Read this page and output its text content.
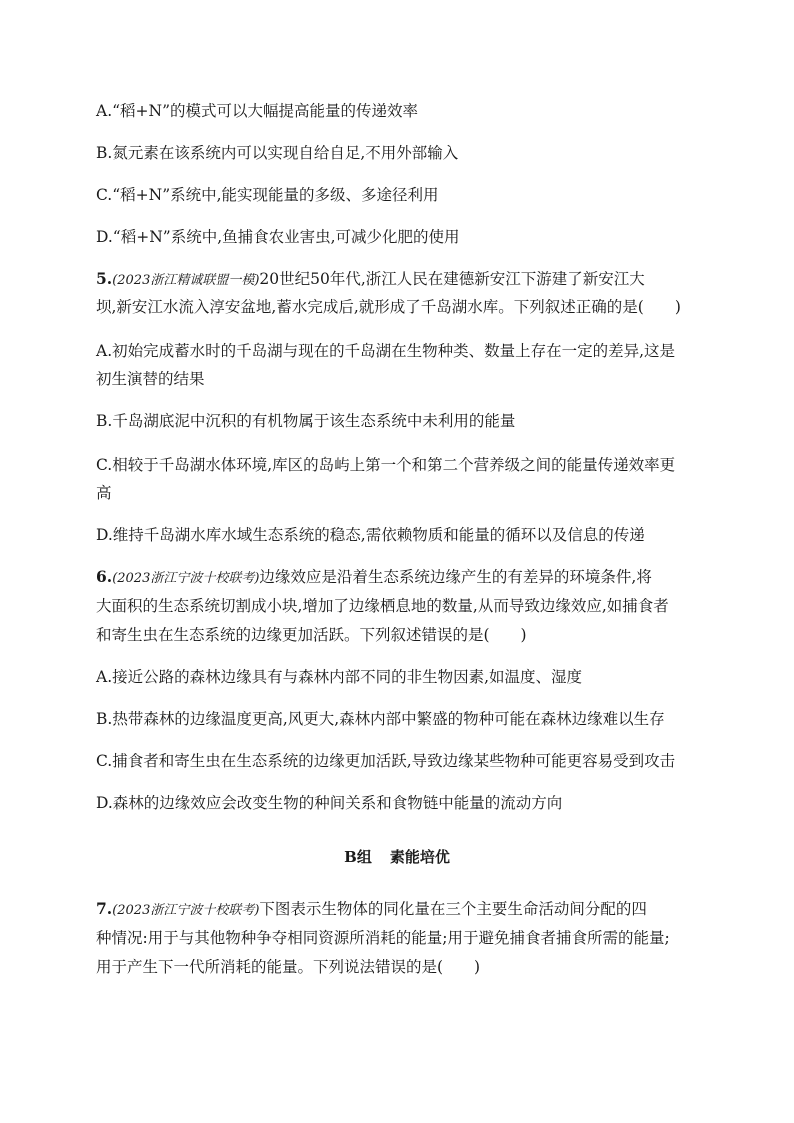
A.“稻+N”的模式可以大幅提高能量的传递效率
B.氮元素在该系统内可以实现自给自足,不用外部输入
C.“稻+N”系统中,能实现能量的多级、多途径利用
D.“稻+N”系统中,鱼捕食农业害虫,可减少化肥的使用
5.(2023浙江精诚联盟一模)20世纪50年代,浙江人民在建德新安江下游建了新安江大
坝,新安江水流入淳安盆地,蓄水完成后,就形成了千岛湖水库。下列叙述正确的是(　　)
A.初始完成蓄水时的千岛湖与现在的千岛湖在生物种类、数量上存在一定的差异,这是
初生演替的结果
B.千岛湖底泥中沉积的有机物属于该生态系统中未利用的能量
C.相较于千岛湖水体环境,库区的岛屿上第一个和第二个营养级之间的能量传递效率更
高
D.维持千岛湖水库水域生态系统的稳态,需依赖物质和能量的循环以及信息的传递
6.(2023浙江宁波十校联考)边缘效应是沿着生态系统边缘产生的有差异的环境条件,将
大面积的生态系统切割成小块,增加了边缘栖息地的数量,从而导致边缘效应,如捕食者
和寄生虫在生态系统的边缘更加活跃。下列叙述错误的是(　　)
A.接近公路的森林边缘具有与森林内部不同的非生物因素,如温度、湿度
B.热带森林的边缘温度更高,风更大,森林内部中繁盛的物种可能在森林边缘难以生存
C.捕食者和寄生虫在生态系统的边缘更加活跃,导致边缘某些物种可能更容易受到攻击
D.森林的边缘效应会改变生物的种间关系和食物链中能量的流动方向
B组 素能培优
7.(2023浙江宁波十校联考)下图表示生物体的同化量在三个主要生命活动间分配的四
种情况:用于与其他物种争夺相同资源所消耗的能量;用于避免捕食者捕食所需的能量;
用于产生下一代所消耗的能量。下列说法错误的是(　　)
